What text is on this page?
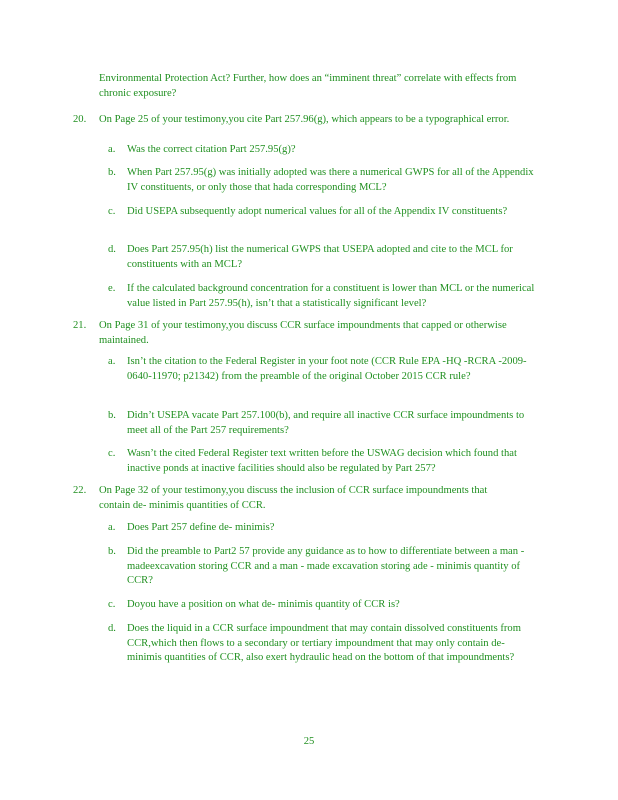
Environmental Protection Act? Further, how does an “imminent threat” correlate with effects from chronic exposure?

20. On Page 25 of your testimony,you cite Part 257.96(g), which appears to be a typographical error.

a. Was the correct citation Part 257.95(g)?

b. When Part 257.95(g) was initially adopted was there a numerical GWPS for all of the Appendix IV constituents, or only those that hada corresponding MCL?

c. Did USEPA subsequently adopt numerical values for all of the Appendix IV constituents?

d. Does Part 257.95(h) list the numerical GWPS that USEPA adopted and cite to the MCL for constituents with an MCL?

e. If the calculated background concentration for a constituent is lower than MCL or the numerical value listed in Part 257.95(h), isn’t that a statistically significant level?

21. On Page 31 of your testimony,you discuss CCR surface impoundments that capped or otherwise maintained.

a. Isn’t the citation to the Federal Register in your foot note (CCR Rule EPA -HQ -RCRA -2009-0640-11970; p21342) from the preamble of the original October 2015 CCR rule?

b. Didn’t USEPA vacate Part 257.100(b), and require all inactive CCR surface impoundments to meet all of the Part 257 requirements?

c. Wasn’t the cited Federal Register text written before the USWAG decision which found that inactive ponds at inactive facilities should also be regulated by Part 257?

22. On Page 32 of your testimony,you discuss the inclusion of CCR surface impoundments that contain de- minimis quantities of CCR.

a. Does Part 257 define de- minimis?

b. Did the preamble to Part2 57 provide any guidance as to how to differentiate between a man -madeexcavation storing CCR and a man - made excavation storing ade - minimis quantity of CCR?

c. Doyou have a position on what de- minimis quantity of CCR is?

d. Does the liquid in a CCR surface impoundment that may contain dissolved constituents from CCR,which then flows to a secondary or tertiary impoundment that may only contain de- minimis quantities of CCR, also exert hydraulic head on the bottom of that impoundments?

25
